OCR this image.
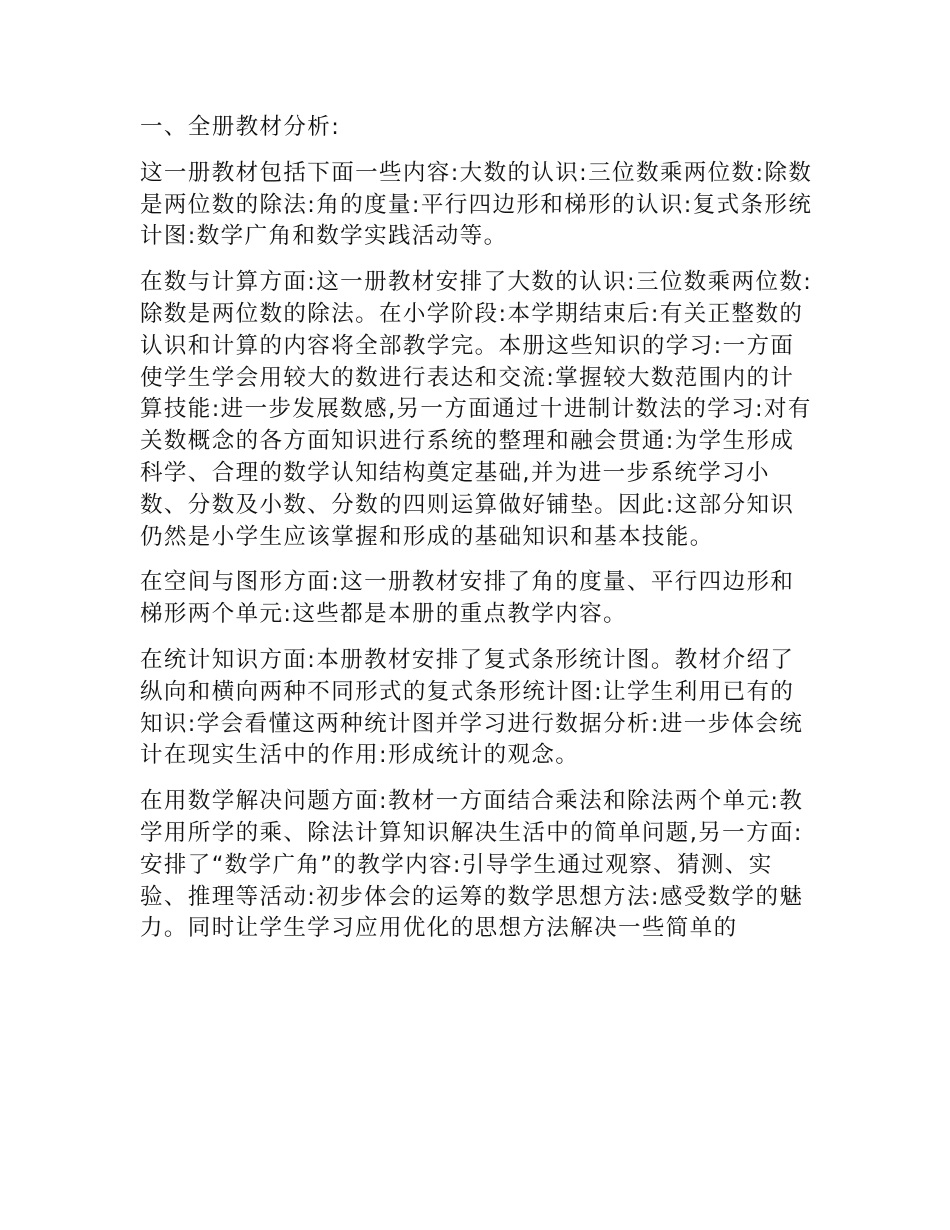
一、全册教材分析:

这一册教材包括下面一些内容:大数的认识:三位数乘两位数:除数是两位数的除法:角的度量:平行四边形和梯形的认识:复式条形统计图:数学广角和数学实践活动等。

在数与计算方面:这一册教材安排了大数的认识:三位数乘两位数:除数是两位数的除法。在小学阶段:本学期结束后:有关正整数的认识和计算的内容将全部教学完。本册这些知识的学习:一方面使学生学会用较大的数进行表达和交流:掌握较大数范围内的计算技能:进一步发展数感,另一方面通过十进制计数法的学习:对有关数概念的各方面知识进行系统的整理和融会贯通:为学生形成科学、合理的数学认知结构奠定基础,并为进一步系统学习小数、分数及小数、分数的四则运算做好铺垫。因此:这部分知识仍然是小学生应该掌握和形成的基础知识和基本技能。

在空间与图形方面:这一册教材安排了角的度量、平行四边形和梯形两个单元:这些都是本册的重点教学内容。

在统计知识方面:本册教材安排了复式条形统计图。教材介绍了纵向和横向两种不同形式的复式条形统计图:让学生利用已有的知识:学会看懂这两种统计图并学习进行数据分析:进一步体会统计在现实生活中的作用:形成统计的观念。

在用数学解决问题方面:教材一方面结合乘法和除法两个单元:教学用所学的乘、除法计算知识解决生活中的简单问题,另一方面:安排了“数学广角”的教学内容:引导学生通过观察、猜测、实验、推理等活动:初步体会的运筹的数学思想方法:感受数学的魅力。同时让学生学习应用优化的思想方法解决一些简单的
